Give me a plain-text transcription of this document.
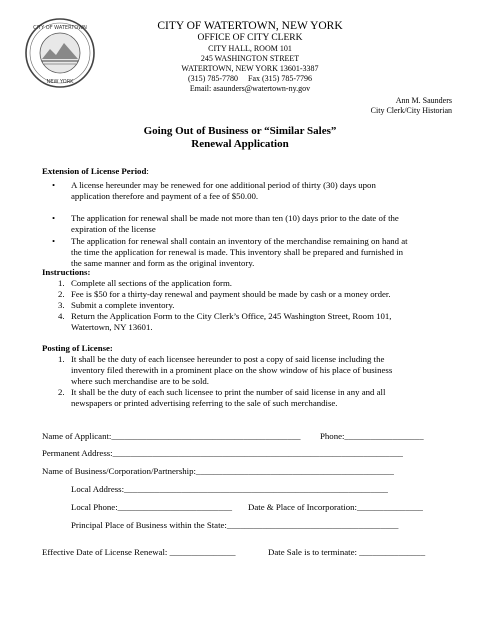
CITY OF WATERTOWN
NEW YORK
CITY OF WATERTOWN, NEW YORK
OFFICE OF CITY CLERK
CITY HALL, ROOM 101
245 WASHINGTON STREET
WATERTOWN, NEW YORK 13601-3387
(315) 785-7780     Fax (315) 785-7796
Email: asaunders@watertown-ny.gov
Ann M. Saunders
City Clerk/City Historian
Going Out of Business or “Similar Sales”
Renewal Application
Extension of License Period:
• A license hereunder may be renewed for one additional period of thirty (30) days upon
application therefore and payment of a fee of $50.00.
• The application for renewal shall be made not more than ten (10) days prior to the date of the
expiration of the license
• The application for renewal shall contain an inventory of the merchandise remaining on hand at
the time the application for renewal is made. This inventory shall be prepared and furnished in
the same manner and form as the original inventory.
Instructions:
1. Complete all sections of the application form.
2. Fee is $50 for a thirty-day renewal and payment should be made by cash or a money order.
3. Submit a complete inventory.
4. Return the Application Form to the City Clerk’s Office, 245 Washington Street, Room 101,
Watertown, NY 13601.
Posting of License:
1. It shall be the duty of each licensee hereunder to post a copy of said license including the
inventory filed therewith in a prominent place on the show window of his place of business
where such merchandise are to be sold.
2. It shall be the duty of each such licensee to print the number of said license in any and all
newspapers or printed advertising referring to the sale of such merchandise.
Name of Applicant:___________________________________________ Phone:__________________
Permanent Address:__________________________________________________________________
Name of Business/Corporation/Partnership:_____________________________________________
Local Address:____________________________________________________________
Local Phone:__________________________ Date & Place of Incorporation:_______________
Principal Place of Business within the State:_______________________________________
Effective Date of License Renewal: _______________	Date Sale is to terminate: _______________
